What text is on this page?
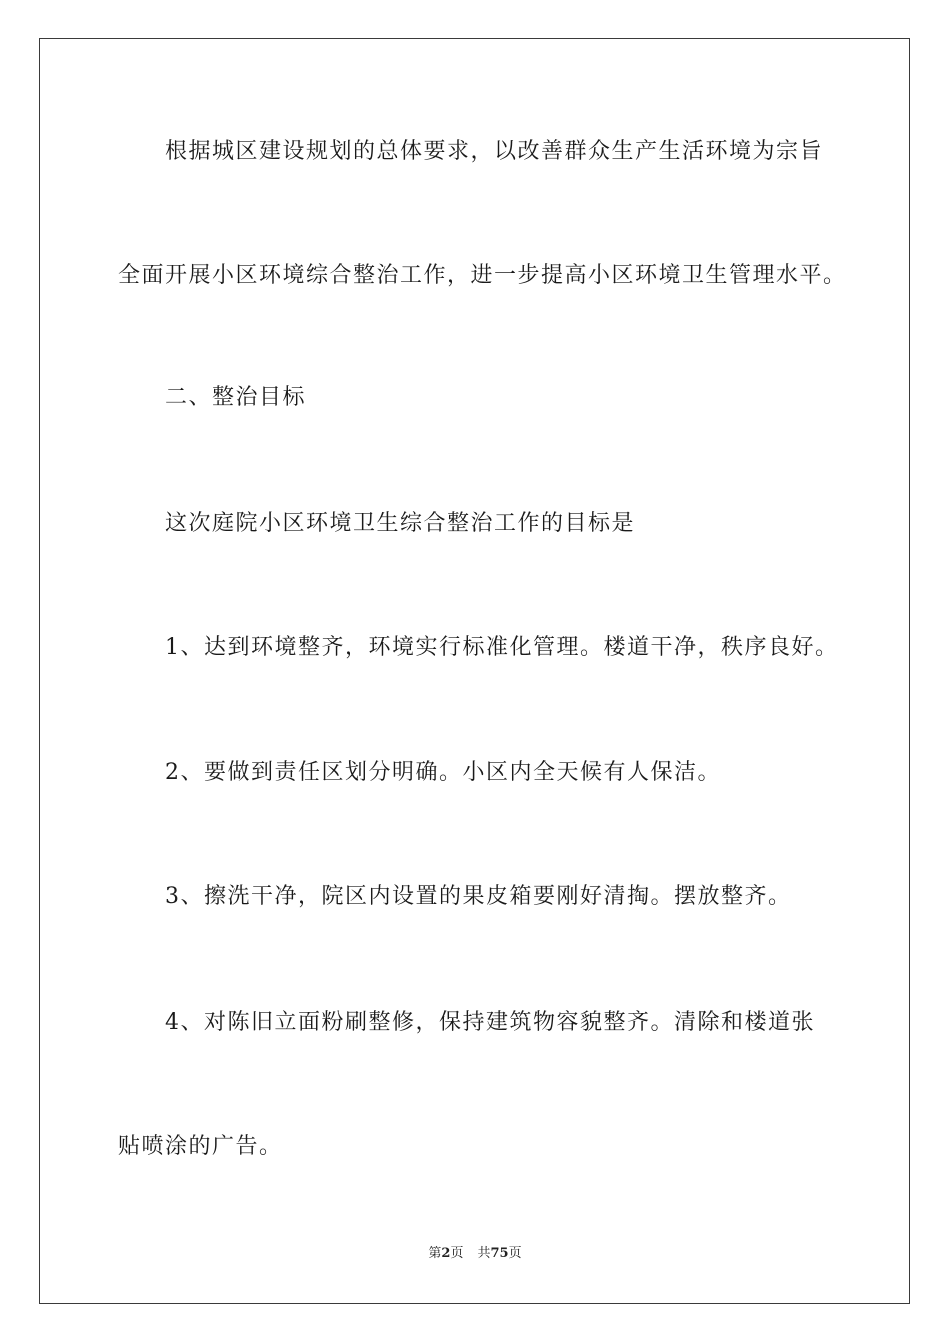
根据城区建设规划的总体要求，以改善群众生产生活环境为宗旨
全面开展小区环境综合整治工作，进一步提高小区环境卫生管理水平。
二、整治目标
这次庭院小区环境卫生综合整治工作的目标是
1、达到环境整齐，环境实行标准化管理。楼道干净，秩序良好。
2、要做到责任区划分明确。小区内全天候有人保洁。
3、擦洗干净，院区内设置的果皮箱要刚好清掏。摆放整齐。
4、对陈旧立面粉刷整修，保持建筑物容貌整齐。清除和楼道张
贴喷涂的广告。
第2页 共75页
